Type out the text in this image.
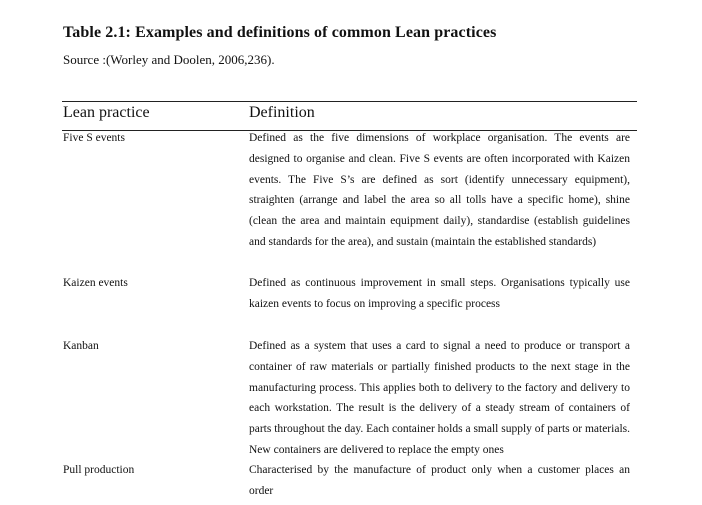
Table 2.1: Examples and definitions of common Lean practices
Source :(Worley and Doolen, 2006,236).
Lean practice	Definition
Five S events	Defined as the five dimensions of workplace organisation. The events are designed to organise and clean. Five S events are often incorporated with Kaizen events. The Five S’s are defined as sort (identify unnecessary equipment), straighten (arrange and label the area so all tolls have a specific home), shine (clean the area and maintain equipment daily), standardise (establish guidelines and standards for the area), and sustain (maintain the established standards)
Kaizen events	Defined as continuous improvement in small steps. Organisations typically use kaizen events to focus on improving a specific process
Kanban	Defined as a system that uses a card to signal a need to produce or transport a container of raw materials or partially finished products to the next stage in the manufacturing process. This applies both to delivery to the factory and delivery to each workstation. The result is the delivery of a steady stream of containers of parts throughout the day. Each container holds a small supply of parts or materials. New containers are delivered to replace the empty ones
Pull production	Characterised by the manufacture of product only when a customer places an order
